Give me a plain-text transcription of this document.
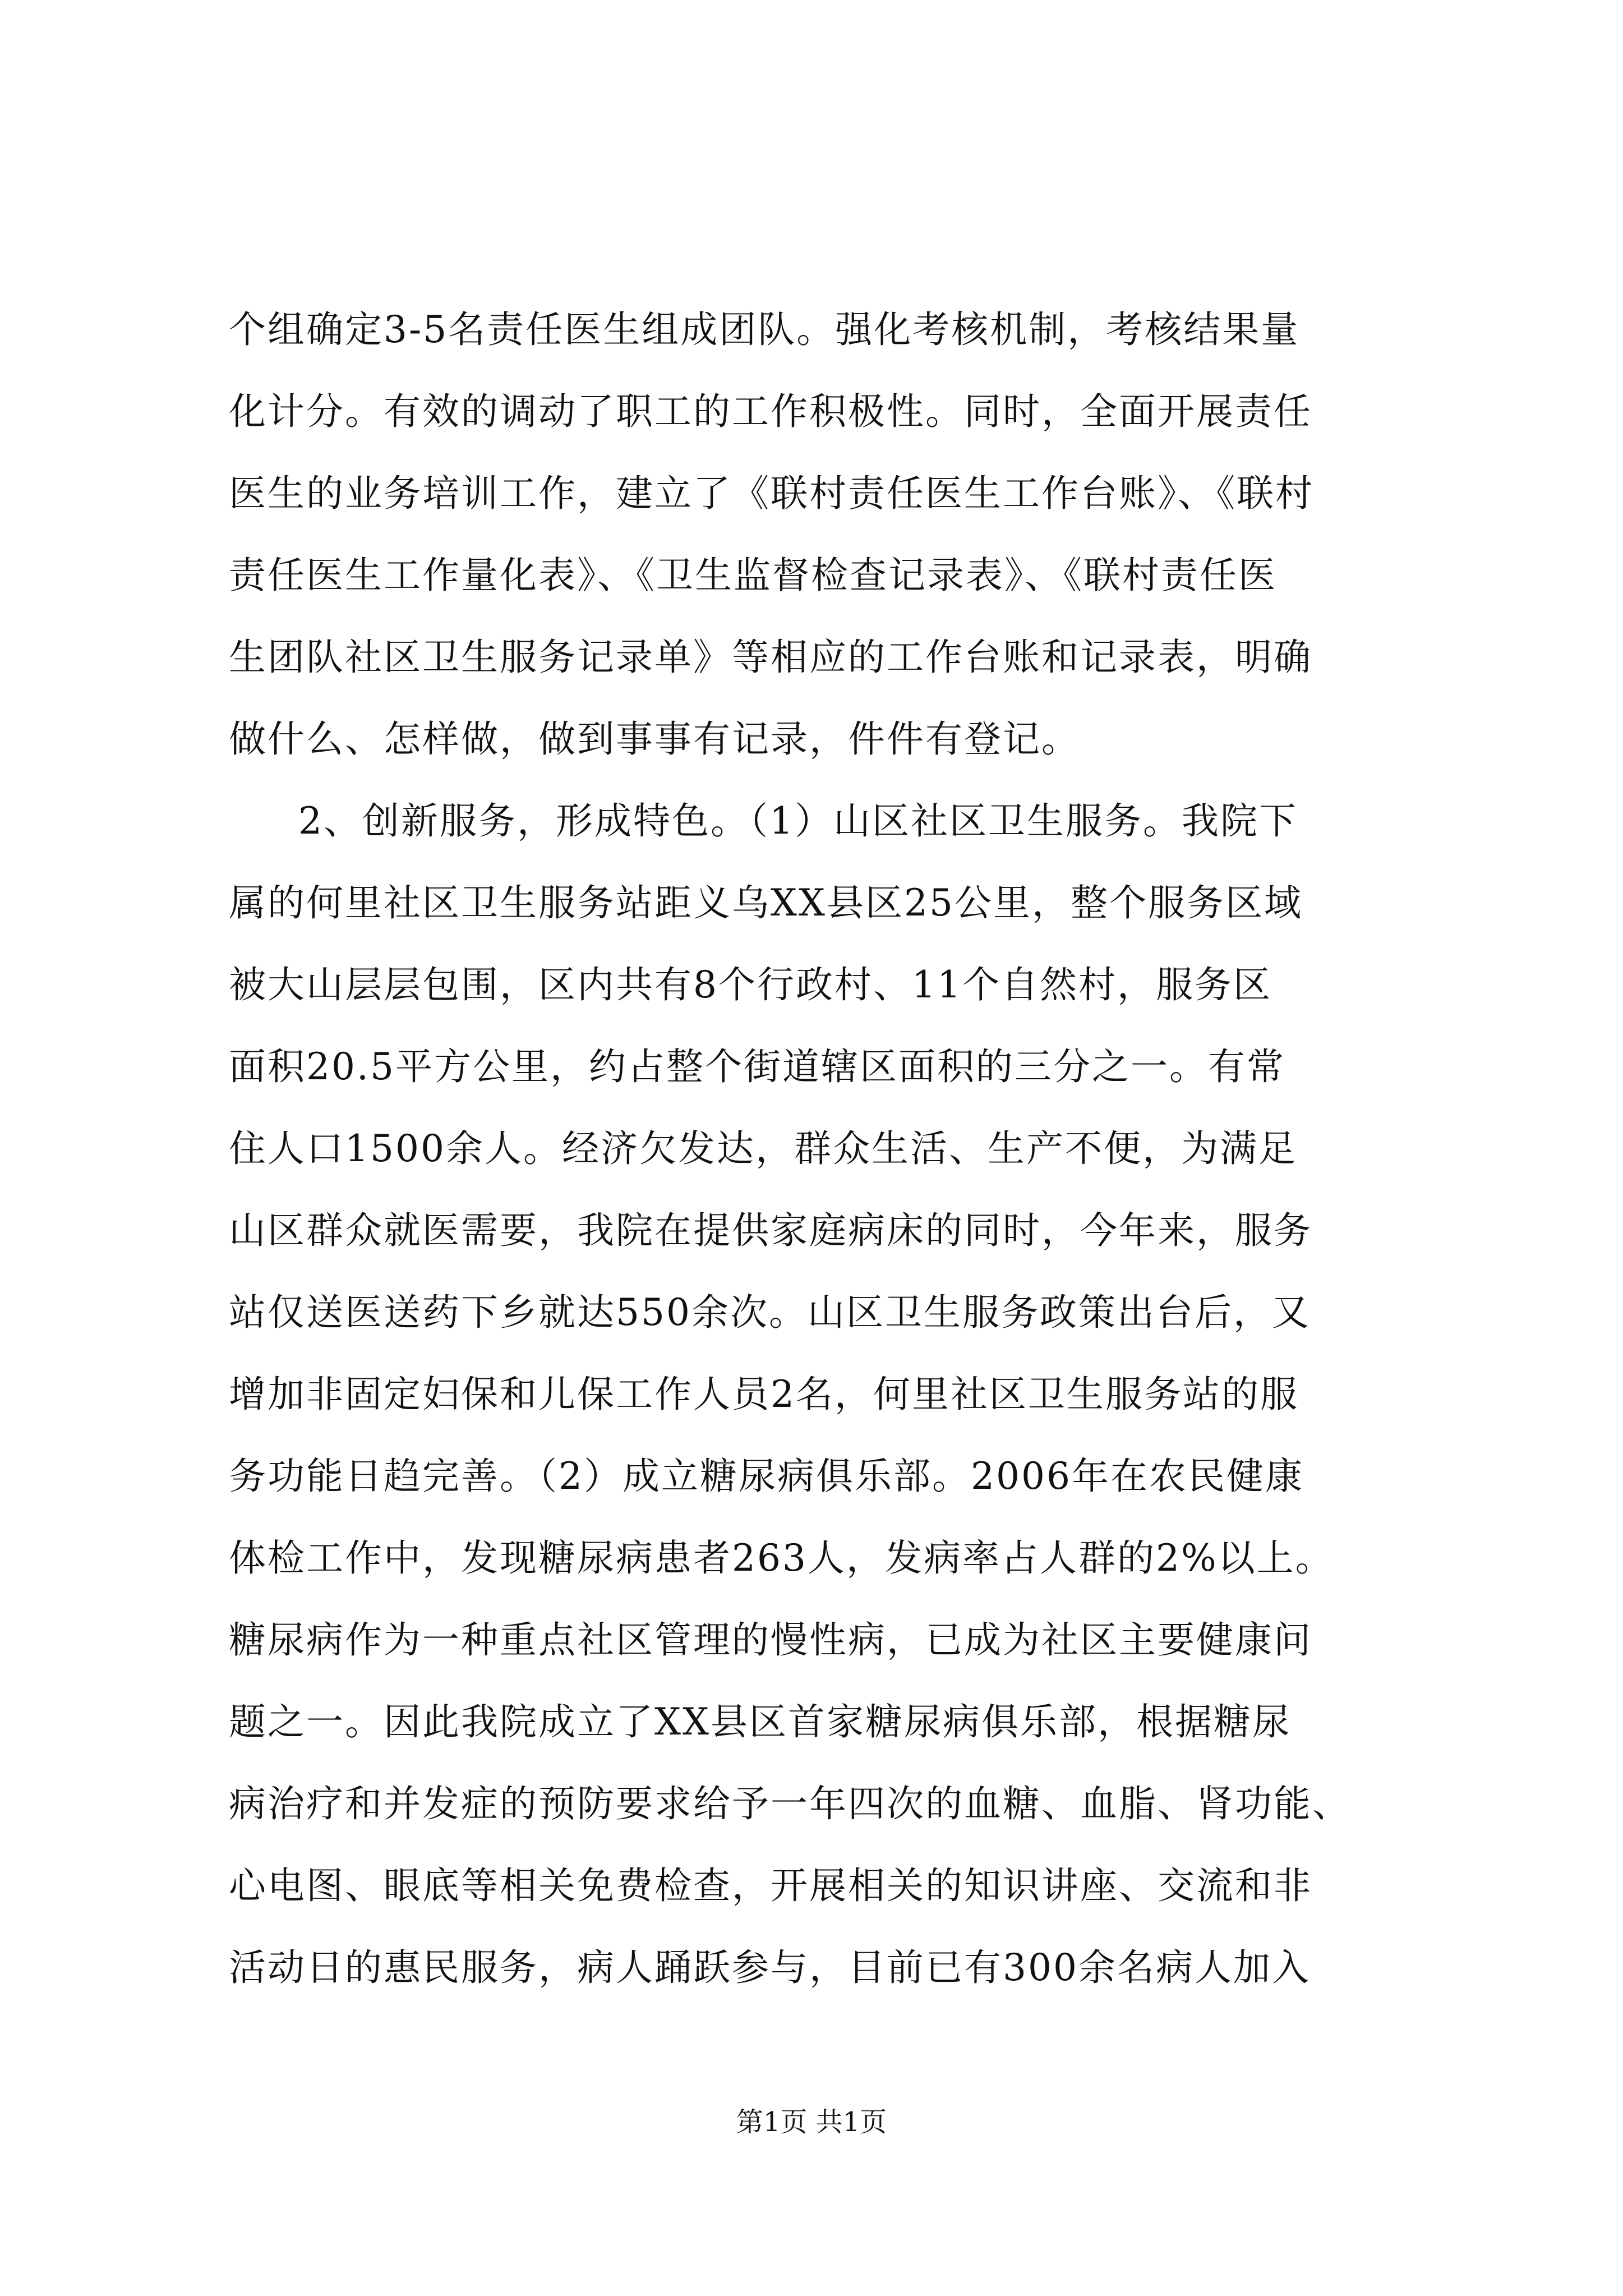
个组确定3-5名责任医生组成团队。强化考核机制，考核结果量
化计分。有效的调动了职工的工作积极性。同时，全面开展责任
医生的业务培训工作，建立了《联村责任医生工作台账》、《联村
责任医生工作量化表》、《卫生监督检查记录表》、《联村责任医
生团队社区卫生服务记录单》等相应的工作台账和记录表，明确
做什么、怎样做，做到事事有记录，件件有登记。
2、创新服务，形成特色。（1）山区社区卫生服务。我院下
属的何里社区卫生服务站距义乌XX县区25公里，整个服务区域
被大山层层包围，区内共有8个行政村、11个自然村，服务区
面积20.5平方公里，约占整个街道辖区面积的三分之一。有常
住人口1500余人。经济欠发达，群众生活、生产不便，为满足
山区群众就医需要，我院在提供家庭病床的同时，今年来，服务
站仅送医送药下乡就达550余次。山区卫生服务政策出台后，又
增加非固定妇保和儿保工作人员2名，何里社区卫生服务站的服
务功能日趋完善。（2）成立糖尿病俱乐部。2006年在农民健康
体检工作中，发现糖尿病患者263人，发病率占人群的2%以上。
糖尿病作为一种重点社区管理的慢性病，已成为社区主要健康问
题之一。因此我院成立了XX县区首家糖尿病俱乐部，根据糖尿
病治疗和并发症的预防要求给予一年四次的血糖、血脂、肾功能、
心电图、眼底等相关免费检查，开展相关的知识讲座、交流和非
活动日的惠民服务，病人踊跃参与，目前已有300余名病人加入
第1页 共1页
